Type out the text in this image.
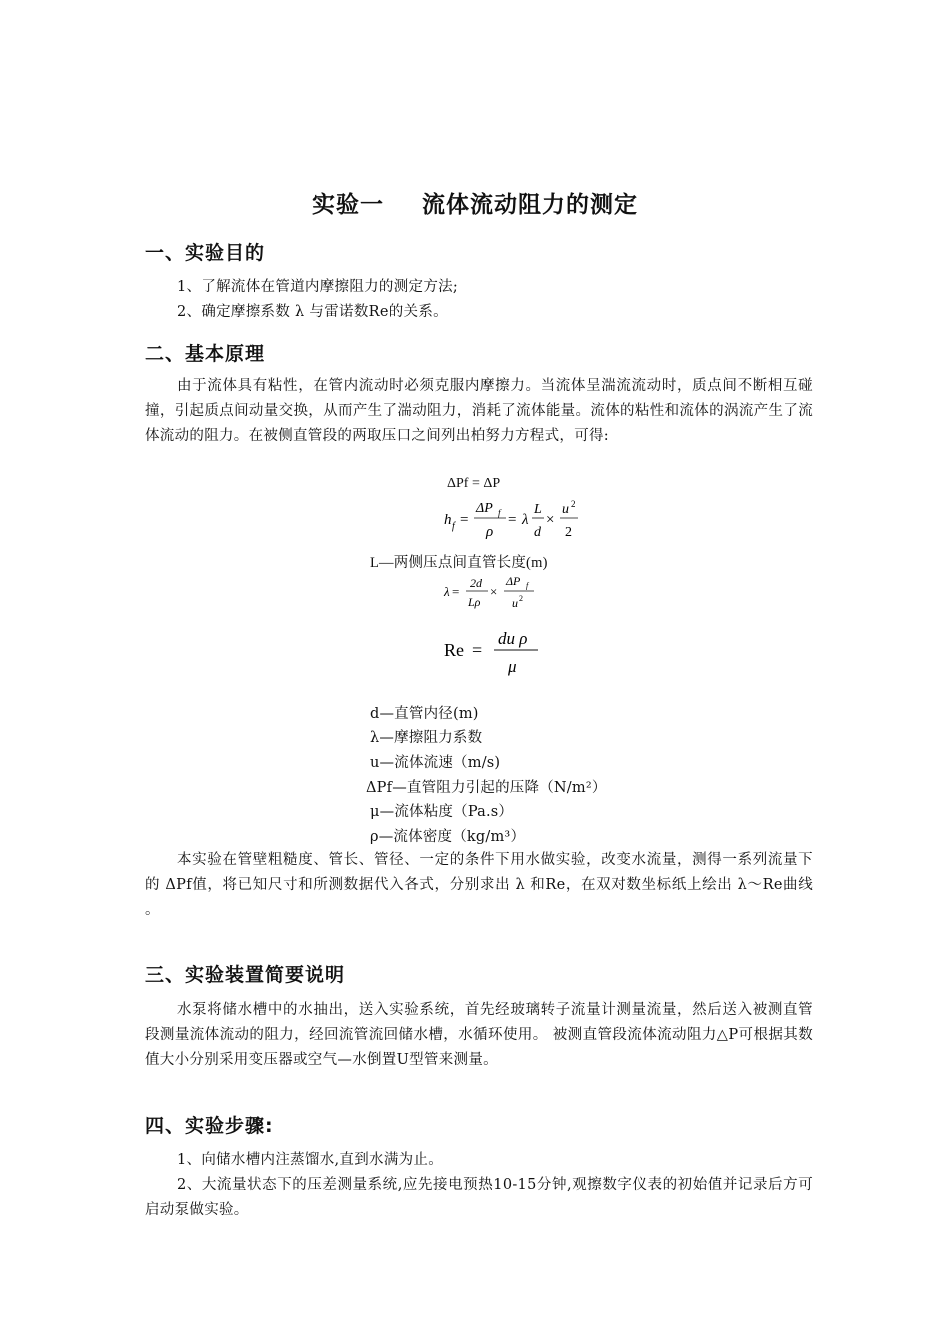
实验一 流体流动阻力的测定
一、实验目的
1、了解流体在管道内摩擦阻力的测定方法;
2、确定摩擦系数 λ 与雷诺数Re的关系。
二、基本原理
由于流体具有粘性，在管内流动时必须克服内摩擦力。当流体呈湍流流动时，质点间不断相互碰撞，引起质点间动量交换，从而产生了湍动阻力，消耗了流体能量。流体的粘性和流体的涡流产生了流体流动的阻力。在被侧直管段的两取压口之间列出柏努力方程式，可得:
ΔPf = ΔP
h f =
ΔP f
ρ
= λ
L
d
×
u 2
2
L—两侧压点间直管长度(m)
λ =
2d
Lρ
×
ΔP f
u 2
Re =
du ρ
μ
d—直管内径(m)
λ—摩擦阻力系数
u—流体流速（m/s)
ΔPf—直管阻力引起的压降（N/m²）
μ—流体粘度（Pa.s）
ρ—流体密度（kg/m³）
本实验在管壁粗糙度、管长、管径、一定的条件下用水做实验，改变水流量，测得一系列流量下的 ΔPf值，将已知尺寸和所测数据代入各式，分别求出 λ 和Re，在双对数坐标纸上绘出 λ～Re曲线 。
三、实验装置简要说明
水泵将储水槽中的水抽出，送入实验系统，首先经玻璃转子流量计测量流量，然后送入被测直管段测量流体流动的阻力，经回流管流回储水槽，水循环使用。 被测直管段流体流动阻力△P可根据其数值大小分别采用变压器或空气—水倒置U型管来测量。
四、实验步骤:
1、向储水槽内注蒸馏水,直到水满为止。
2、大流量状态下的压差测量系统,应先接电预热10-15分钟,观擦数字仪表的初始值并记录后方可启动泵做实验。
